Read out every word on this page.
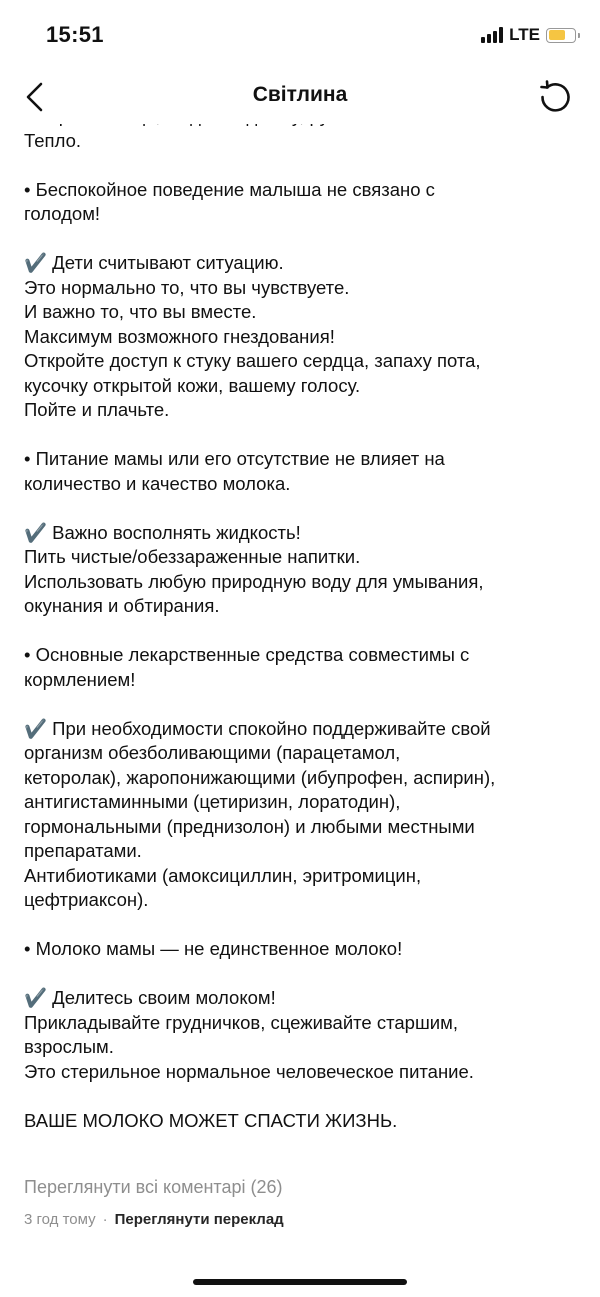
15:51	LTE
Світлина

Тепло.

• Беспокойное поведение малыша не связано с
голодом!

✔️ Дети считывают ситуацию.
Это нормально то, что вы чувствуете.
И важно то, что вы вместе.
Максимум возможного гнездования!
Откройте доступ к стуку вашего сердца, запаху пота,
кусочку открытой кожи, вашему голосу.
Пойте и плачьте.

• Питание мамы или его отсутствие не влияет на
количество и качество молока.

✔️ Важно восполнять жидкость!
Пить чистые/обеззараженные напитки.
Использовать любую природную воду для умывания,
окунания и обтирания.

• Основные лекарственные средства совместимы с
кормлением!

✔️ При необходимости спокойно поддерживайте свой
организм обезболивающими (парацетамол,
кеторолак), жаропонижающими (ибупрофен, аспирин),
антигистаминными (цетиризин, лоратодин),
гормональными (преднизолон) и любыми местными
препаратами.
Антибиотиками (амоксициллин, эритромицин,
цефтриаксон).

• Молоко мамы — не единственное молоко!

✔️ Делитесь своим молоком!
Прикладывайте грудничков, сцеживайте старшим,
взрослым.
Это стерильное нормальное человеческое питание.

ВАШЕ МОЛОКО МОЖЕТ СПАСТИ ЖИЗНЬ.

Переглянути всі коментарі (26)
3 год тому · Переглянути переклад
